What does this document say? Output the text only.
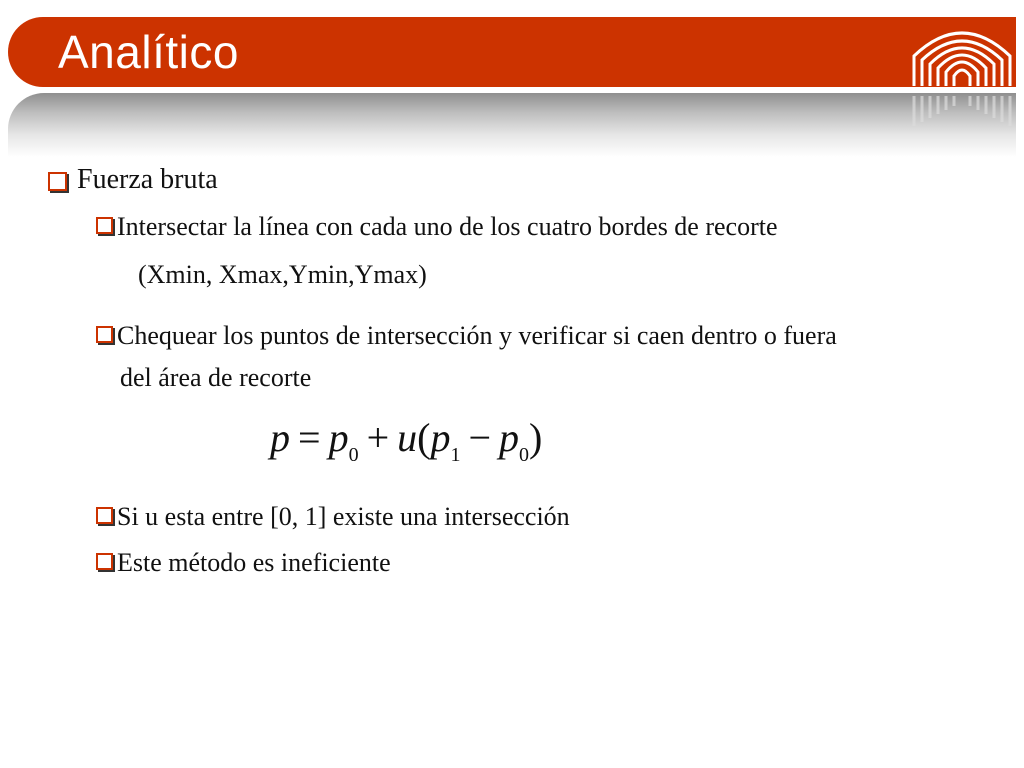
Analítico
Fuerza bruta
Intersectar la línea con cada uno de los cuatro bordes de recorte
(Xmin, Xmax,Ymin,Ymax)
Chequear los puntos de intersección y verificar si caen dentro o fuera
del área de recorte
$p = p_0 + u(p_1 - p_0)$
Si u esta entre [0, 1] existe una intersección
Este método es ineficiente
